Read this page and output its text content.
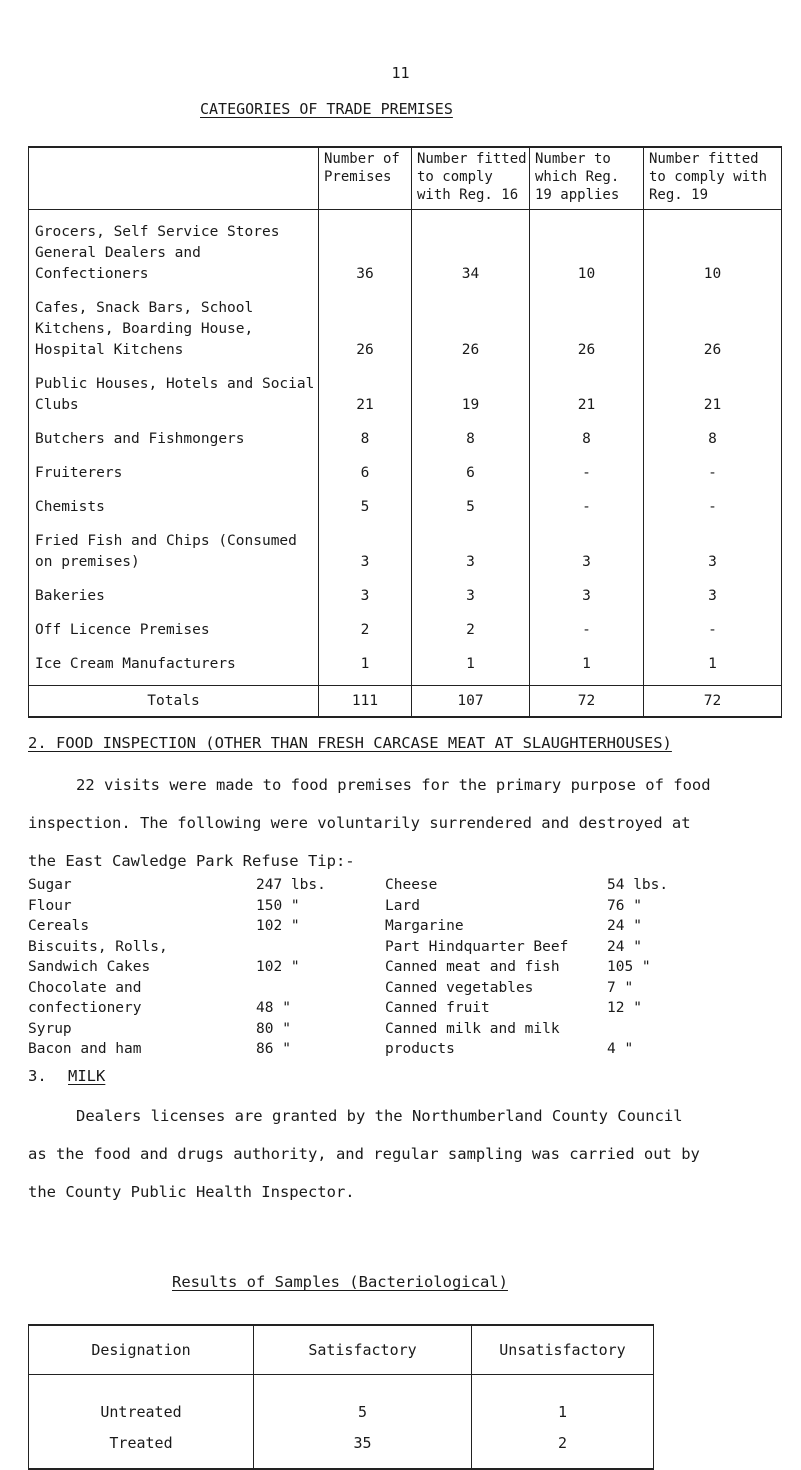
11
CATEGORIES OF TRADE PREMISES
	Number of Premises	Number fitted to comply with Reg. 16	Number to which Reg. 19 applies	Number fitted to comply with Reg. 19
Grocers, Self Service Stores General Dealers and Confectioners	36	34	10	10
Cafes, Snack Bars, School Kitchens, Boarding House, Hospital Kitchens	26	26	26	26
Public Houses, Hotels and Social Clubs	21	19	21	21
Butchers and Fishmongers	8	8	8	8
Fruiterers	6	6	-	-
Chemists	5	5	-	-
Fried Fish and Chips (Consumed on premises)	3	3	3	3
Bakeries	3	3	3	3
Off Licence Premises	2	2	-	-
Ice Cream Manufacturers	1	1	1	1
Totals	111	107	72	72
2. FOOD INSPECTION (OTHER THAN FRESH CARCASE MEAT AT SLAUGHTERHOUSES)
22 visits were made to food premises for the primary purpose of food
inspection. The following were voluntarily surrendered and destroyed at
the East Cawledge Park Refuse Tip:-
Sugar	247 lbs.
Flour	150 "
Cereals	102 "
Biscuits, Rolls,
Sandwich Cakes	102 "
Chocolate and
confectionery	48 "
Syrup	80 "
Bacon and ham	86 "
Cheese	54 lbs.
Lard	76 "
Margarine	24 "
Part Hindquarter Beef	24 "
Canned meat and fish	105 "
Canned vegetables	7 "
Canned fruit	12 "
Canned milk and milk
products	4 "
3. MILK
Dealers licenses are granted by the Northumberland County Council
as the food and drugs authority, and regular sampling was carried out by
the County Public Health Inspector.
Results of Samples (Bacteriological)
Designation	Satisfactory	Unsatisfactory
Untreated	5	1
Treated	35	2
